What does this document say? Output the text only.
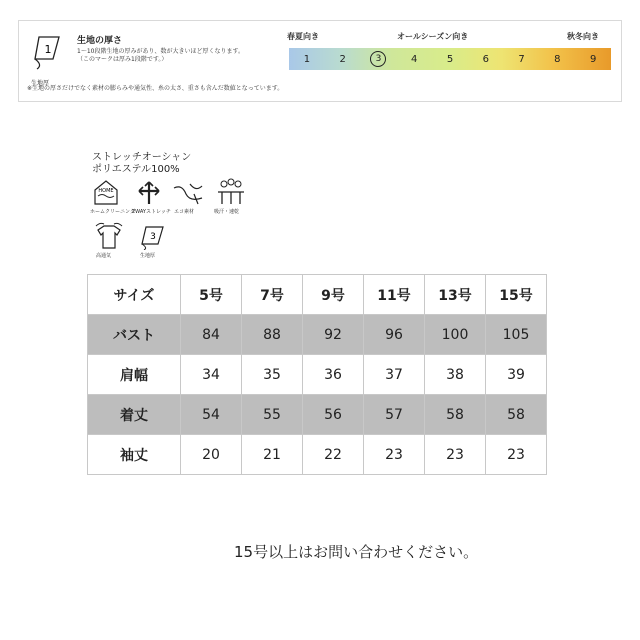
1
生地厚
生地の厚さ
1～10段階生地の厚みがあり、数が大きいほど厚くなります。
（このマークは厚み1段階です。）
春夏向き	オールシーズン向き	秋冬向き
1	2	3	4	5	6	7	8	9
※生地の厚さだけでなく素材の膨らみや通気性、糸の太さ、重さも含んだ数値となっています。
ストレッチオーシャン
ポリエステル100%
HOME
ホームクリーニング
2WAYストレッチ エコ素材	吸汗・速乾
高通気
3
生地厚
サイズ	5号	7号	9号	11号	13号	15号
バスト	84	88	92	96	100	105
肩幅	34	35	36	37	38	39
着丈	54	55	56	57	58	58
袖丈	20	21	22	23	23	23
15号以上はお問い合わせください。
